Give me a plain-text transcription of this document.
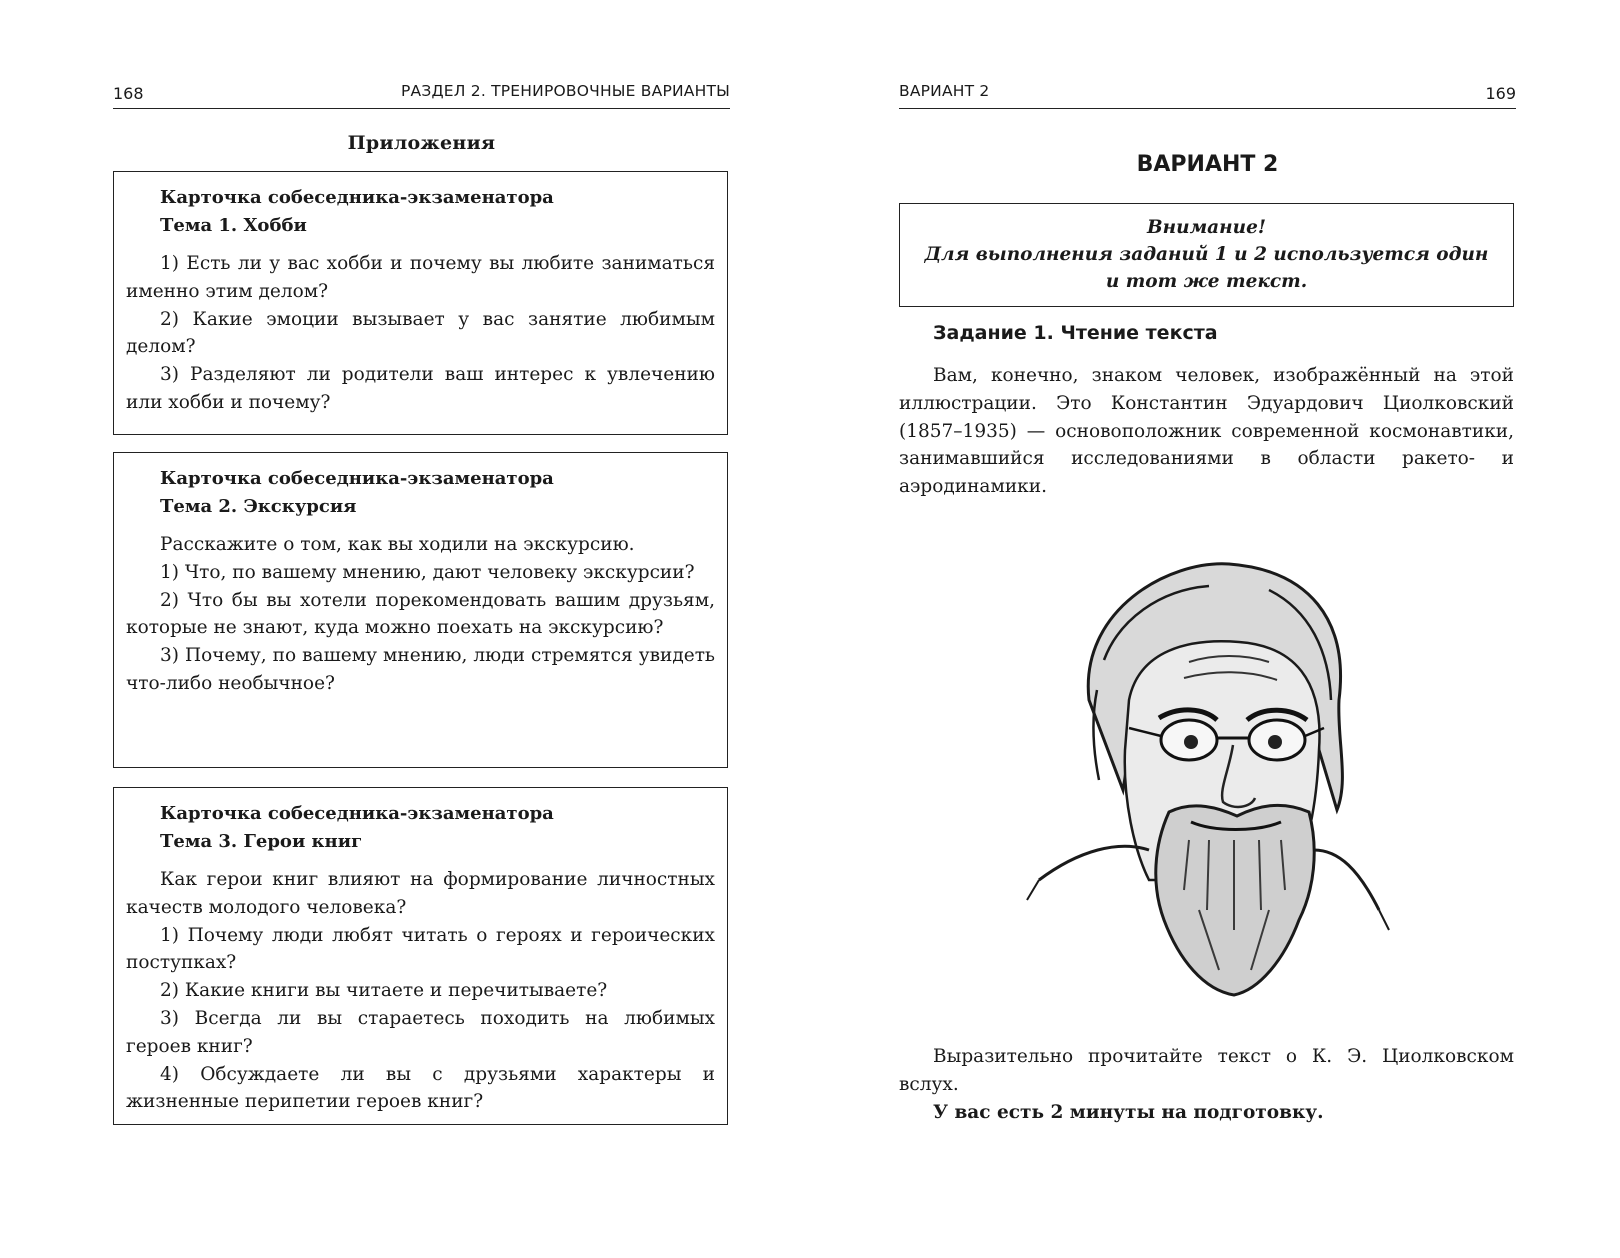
168	РАЗДЕЛ 2. ТРЕНИРОВОЧНЫЕ ВАРИАНТЫ
Приложения
Карточка собеседника-экзаменатора
Тема 1. Хобби

1) Есть ли у вас хобби и почему вы любите заниматься именно этим делом?

2) Какие эмоции вызывает у вас занятие любимым делом?

3) Разделяют ли родители ваш интерес к увлечению или хобби и почему?

Карточка собеседника-экзаменатора
Тема 2. Экскурсия

Расскажите о том, как вы ходили на экскурсию.

1) Что, по вашему мнению, дают человеку экскурсии?

2) Что бы вы хотели порекомендовать вашим друзьям, которые не знают, куда можно поехать на экскурсию?

3) Почему, по вашему мнению, люди стремятся увидеть что-либо необычное?

Карточка собеседника-экзаменатора
Тема 3. Герои книг

Как герои книг влияют на формирование личностных качеств молодого человека?

1) Почему люди любят читать о героях и героических поступках?

2) Какие книги вы читаете и перечитываете?

3) Всегда ли вы стараетесь походить на любимых героев книг?

4) Обсуждаете ли вы с друзьями характеры и жизненные перипетии героев книг?

ВАРИАНТ 2	169
ВАРИАНТ 2
Внимание!
Для выполнения заданий 1 и 2 используется один
и тот же текст.
Задание 1. Чтение текста

Вам, конечно, знаком человек, изображённый на этой иллюстрации. Это Константин Эдуардович Циолковский (1857–1935) — основоположник современной космонавтики, занимавшийся исследованиями в области ракето- и аэродинамики.

Выразительно прочитайте текст о К. Э. Циолковском вслух.

У вас есть 2 минуты на подготовку.
